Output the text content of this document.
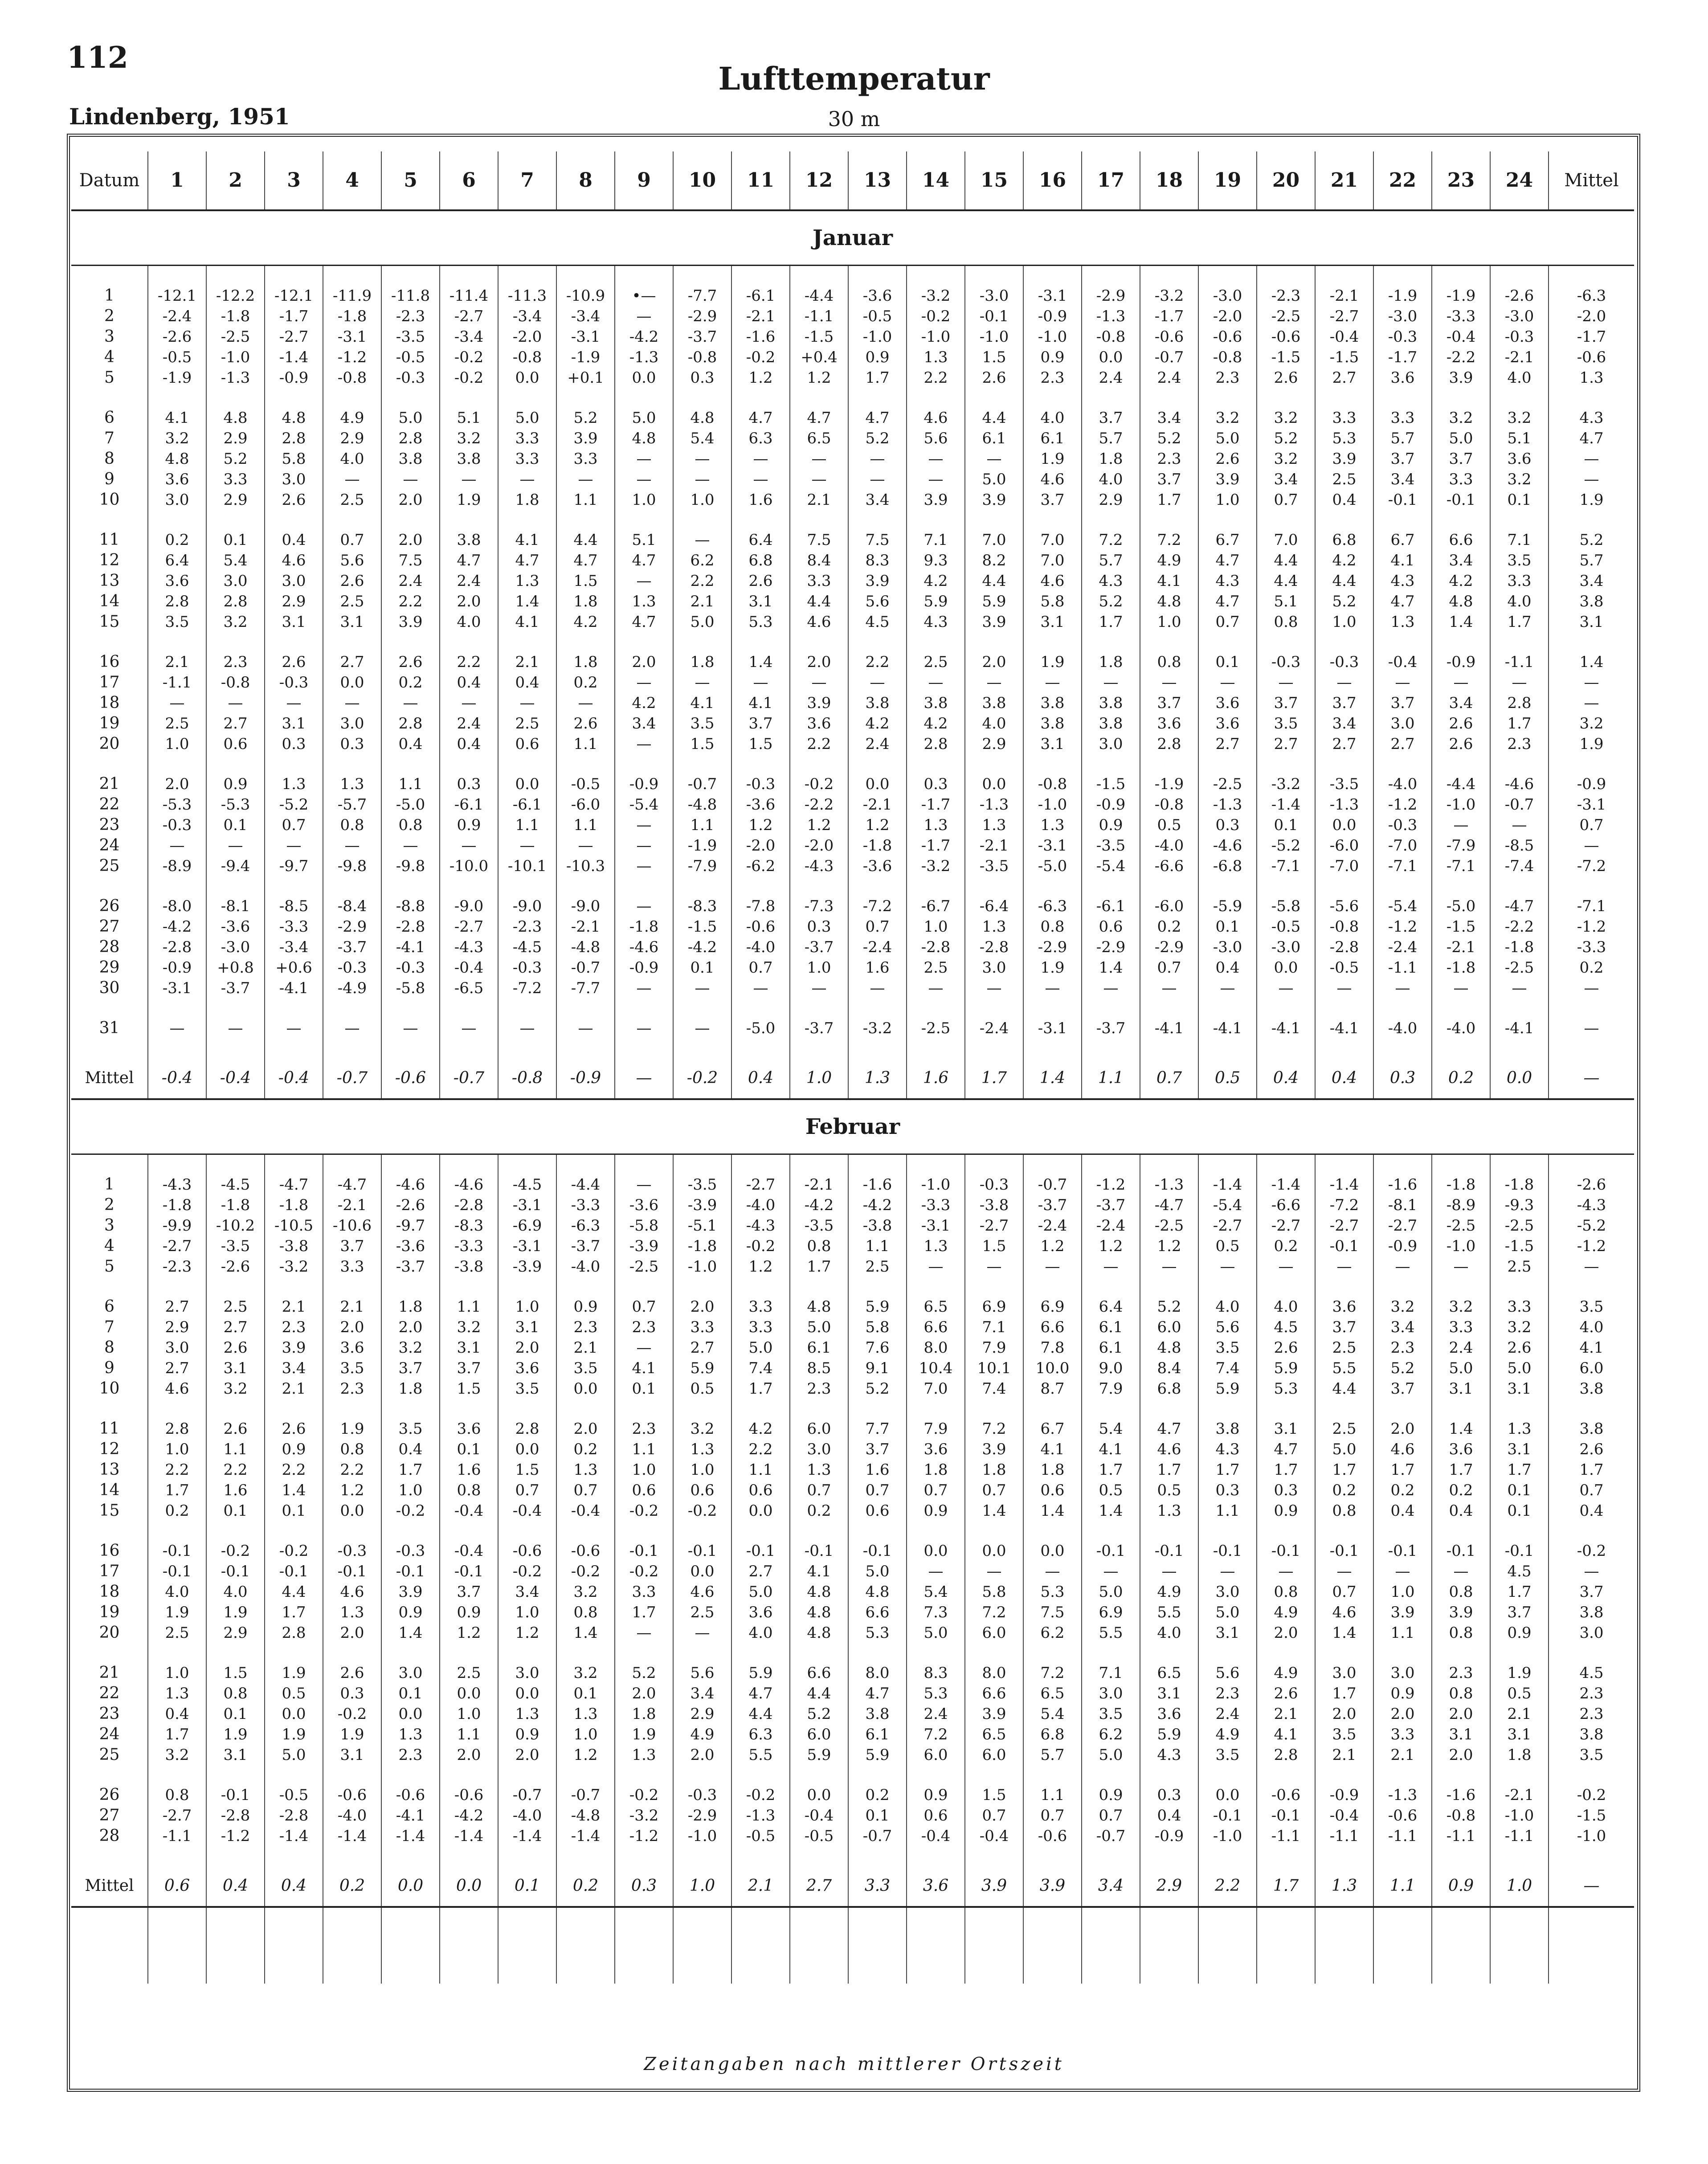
112
Lufttemperatur
Lindenberg, 1951	30 m
Datum	1	2	3	4	5	6	7	8	9	10	11	12	13	14	15	16	17	18	19	20	21	22	23	24	Mittel
Januar																									

1	-12.1	-12.2	-12.1	-11.9	-11.8	-11.4	-11.3	-10.9	•—	-7.7	-6.1	-4.4	-3.6	-3.2	-3.0	-3.1	-2.9	-3.2	-3.0	-2.3	-2.1	-1.9	-1.9	-2.6	-6.3
2	-2.4	-1.8	-1.7	-1.8	-2.3	-2.7	-3.4	-3.4	—	-2.9	-2.1	-1.1	-0.5	-0.2	-0.1	-0.9	-1.3	-1.7	-2.0	-2.5	-2.7	-3.0	-3.3	-3.0	-2.0
3	-2.6	-2.5	-2.7	-3.1	-3.5	-3.4	-2.0	-3.1	-4.2	-3.7	-1.6	-1.5	-1.0	-1.0	-1.0	-1.0	-0.8	-0.6	-0.6	-0.6	-0.4	-0.3	-0.4	-0.3	-1.7
4	-0.5	-1.0	-1.4	-1.2	-0.5	-0.2	-0.8	-1.9	-1.3	-0.8	-0.2	+0.4	0.9	1.3	1.5	0.9	0.0	-0.7	-0.8	-1.5	-1.5	-1.7	-2.2	-2.1	-0.6
5	-1.9	-1.3	-0.9	-0.8	-0.3	-0.2	0.0	+0.1	0.0	0.3	1.2	1.2	1.7	2.2	2.6	2.3	2.4	2.4	2.3	2.6	2.7	3.6	3.9	4.0	1.3

6	4.1	4.8	4.8	4.9	5.0	5.1	5.0	5.2	5.0	4.8	4.7	4.7	4.7	4.6	4.4	4.0	3.7	3.4	3.2	3.2	3.3	3.3	3.2	3.2	4.3
7	3.2	2.9	2.8	2.9	2.8	3.2	3.3	3.9	4.8	5.4	6.3	6.5	5.2	5.6	6.1	6.1	5.7	5.2	5.0	5.2	5.3	5.7	5.0	5.1	4.7
8	4.8	5.2	5.8	4.0	3.8	3.8	3.3	3.3	—	—	—	—	—	—	—	1.9	1.8	2.3	2.6	3.2	3.9	3.7	3.7	3.6	—
9	3.6	3.3	3.0	—	—	—	—	—	—	—	—	—	—	—	5.0	4.6	4.0	3.7	3.9	3.4	2.5	3.4	3.3	3.2	—
10	3.0	2.9	2.6	2.5	2.0	1.9	1.8	1.1	1.0	1.0	1.6	2.1	3.4	3.9	3.9	3.7	2.9	1.7	1.0	0.7	0.4	-0.1	-0.1	0.1	1.9

11	0.2	0.1	0.4	0.7	2.0	3.8	4.1	4.4	5.1	—	6.4	7.5	7.5	7.1	7.0	7.0	7.2	7.2	6.7	7.0	6.8	6.7	6.6	7.1	5.2
12	6.4	5.4	4.6	5.6	7.5	4.7	4.7	4.7	4.7	6.2	6.8	8.4	8.3	9.3	8.2	7.0	5.7	4.9	4.7	4.4	4.2	4.1	3.4	3.5	5.7
13	3.6	3.0	3.0	2.6	2.4	2.4	1.3	1.5	—	2.2	2.6	3.3	3.9	4.2	4.4	4.6	4.3	4.1	4.3	4.4	4.4	4.3	4.2	3.3	3.4
14	2.8	2.8	2.9	2.5	2.2	2.0	1.4	1.8	1.3	2.1	3.1	4.4	5.6	5.9	5.9	5.8	5.2	4.8	4.7	5.1	5.2	4.7	4.8	4.0	3.8
15	3.5	3.2	3.1	3.1	3.9	4.0	4.1	4.2	4.7	5.0	5.3	4.6	4.5	4.3	3.9	3.1	1.7	1.0	0.7	0.8	1.0	1.3	1.4	1.7	3.1

16	2.1	2.3	2.6	2.7	2.6	2.2	2.1	1.8	2.0	1.8	1.4	2.0	2.2	2.5	2.0	1.9	1.8	0.8	0.1	-0.3	-0.3	-0.4	-0.9	-1.1	1.4
17	-1.1	-0.8	-0.3	0.0	0.2	0.4	0.4	0.2	—	—	—	—	—	—	—	—	—	—	—	—	—	—	—	—	—
18	—	—	—	—	—	—	—	—	4.2	4.1	4.1	3.9	3.8	3.8	3.8	3.8	3.8	3.7	3.6	3.7	3.7	3.7	3.4	2.8	—
19	2.5	2.7	3.1	3.0	2.8	2.4	2.5	2.6	3.4	3.5	3.7	3.6	4.2	4.2	4.0	3.8	3.8	3.6	3.6	3.5	3.4	3.0	2.6	1.7	3.2
20	1.0	0.6	0.3	0.3	0.4	0.4	0.6	1.1	—	1.5	1.5	2.2	2.4	2.8	2.9	3.1	3.0	2.8	2.7	2.7	2.7	2.7	2.6	2.3	1.9

21	2.0	0.9	1.3	1.3	1.1	0.3	0.0	-0.5	-0.9	-0.7	-0.3	-0.2	0.0	0.3	0.0	-0.8	-1.5	-1.9	-2.5	-3.2	-3.5	-4.0	-4.4	-4.6	-0.9
22	-5.3	-5.3	-5.2	-5.7	-5.0	-6.1	-6.1	-6.0	-5.4	-4.8	-3.6	-2.2	-2.1	-1.7	-1.3	-1.0	-0.9	-0.8	-1.3	-1.4	-1.3	-1.2	-1.0	-0.7	-3.1
23	-0.3	0.1	0.7	0.8	0.8	0.9	1.1	1.1	—	1.1	1.2	1.2	1.2	1.3	1.3	1.3	0.9	0.5	0.3	0.1	0.0	-0.3	—	—	0.7
24	—	—	—	—	—	—	—	—	—	-1.9	-2.0	-2.0	-1.8	-1.7	-2.1	-3.1	-3.5	-4.0	-4.6	-5.2	-6.0	-7.0	-7.9	-8.5	—
25	-8.9	-9.4	-9.7	-9.8	-9.8	-10.0	-10.1	-10.3	—	-7.9	-6.2	-4.3	-3.6	-3.2	-3.5	-5.0	-5.4	-6.6	-6.8	-7.1	-7.0	-7.1	-7.1	-7.4	-7.2

26	-8.0	-8.1	-8.5	-8.4	-8.8	-9.0	-9.0	-9.0	—	-8.3	-7.8	-7.3	-7.2	-6.7	-6.4	-6.3	-6.1	-6.0	-5.9	-5.8	-5.6	-5.4	-5.0	-4.7	-7.1
27	-4.2	-3.6	-3.3	-2.9	-2.8	-2.7	-2.3	-2.1	-1.8	-1.5	-0.6	0.3	0.7	1.0	1.3	0.8	0.6	0.2	0.1	-0.5	-0.8	-1.2	-1.5	-2.2	-1.2
28	-2.8	-3.0	-3.4	-3.7	-4.1	-4.3	-4.5	-4.8	-4.6	-4.2	-4.0	-3.7	-2.4	-2.8	-2.8	-2.9	-2.9	-2.9	-3.0	-3.0	-2.8	-2.4	-2.1	-1.8	-3.3
29	-0.9	+0.8	+0.6	-0.3	-0.3	-0.4	-0.3	-0.7	-0.9	0.1	0.7	1.0	1.6	2.5	3.0	1.9	1.4	0.7	0.4	0.0	-0.5	-1.1	-1.8	-2.5	0.2
30	-3.1	-3.7	-4.1	-4.9	-5.8	-6.5	-7.2	-7.7	—	—	—	—	—	—	—	—	—	—	—	—	—	—	—	—	—

31	—	—	—	—	—	—	—	—	—	—	-5.0	-3.7	-3.2	-2.5	-2.4	-3.1	-3.7	-4.1	-4.1	-4.1	-4.1	-4.0	-4.0	-4.1	—

Mittel	-0.4	-0.4	-0.4	-0.7	-0.6	-0.7	-0.8	-0.9	—	-0.2	0.4	1.0	1.3	1.6	1.7	1.4	1.1	0.7	0.5	0.4	0.4	0.3	0.2	0.0	—
Februar																									

1	-4.3	-4.5	-4.7	-4.7	-4.6	-4.6	-4.5	-4.4	—	-3.5	-2.7	-2.1	-1.6	-1.0	-0.3	-0.7	-1.2	-1.3	-1.4	-1.4	-1.4	-1.6	-1.8	-1.8	-2.6
2	-1.8	-1.8	-1.8	-2.1	-2.6	-2.8	-3.1	-3.3	-3.6	-3.9	-4.0	-4.2	-4.2	-3.3	-3.8	-3.7	-3.7	-4.7	-5.4	-6.6	-7.2	-8.1	-8.9	-9.3	-4.3
3	-9.9	-10.2	-10.5	-10.6	-9.7	-8.3	-6.9	-6.3	-5.8	-5.1	-4.3	-3.5	-3.8	-3.1	-2.7	-2.4	-2.4	-2.5	-2.7	-2.7	-2.7	-2.7	-2.5	-2.5	-5.2
4	-2.7	-3.5	-3.8	3.7	-3.6	-3.3	-3.1	-3.7	-3.9	-1.8	-0.2	0.8	1.1	1.3	1.5	1.2	1.2	1.2	0.5	0.2	-0.1	-0.9	-1.0	-1.5	-1.2
5	-2.3	-2.6	-3.2	3.3	-3.7	-3.8	-3.9	-4.0	-2.5	-1.0	1.2	1.7	2.5	—	—	—	—	—	—	—	—	—	—	2.5	—

6	2.7	2.5	2.1	2.1	1.8	1.1	1.0	0.9	0.7	2.0	3.3	4.8	5.9	6.5	6.9	6.9	6.4	5.2	4.0	4.0	3.6	3.2	3.2	3.3	3.5
7	2.9	2.7	2.3	2.0	2.0	3.2	3.1	2.3	2.3	3.3	3.3	5.0	5.8	6.6	7.1	6.6	6.1	6.0	5.6	4.5	3.7	3.4	3.3	3.2	4.0
8	3.0	2.6	3.9	3.6	3.2	3.1	2.0	2.1	—	2.7	5.0	6.1	7.6	8.0	7.9	7.8	6.1	4.8	3.5	2.6	2.5	2.3	2.4	2.6	4.1
9	2.7	3.1	3.4	3.5	3.7	3.7	3.6	3.5	4.1	5.9	7.4	8.5	9.1	10.4	10.1	10.0	9.0	8.4	7.4	5.9	5.5	5.2	5.0	5.0	6.0
10	4.6	3.2	2.1	2.3	1.8	1.5	3.5	0.0	0.1	0.5	1.7	2.3	5.2	7.0	7.4	8.7	7.9	6.8	5.9	5.3	4.4	3.7	3.1	3.1	3.8

11	2.8	2.6	2.6	1.9	3.5	3.6	2.8	2.0	2.3	3.2	4.2	6.0	7.7	7.9	7.2	6.7	5.4	4.7	3.8	3.1	2.5	2.0	1.4	1.3	3.8
12	1.0	1.1	0.9	0.8	0.4	0.1	0.0	0.2	1.1	1.3	2.2	3.0	3.7	3.6	3.9	4.1	4.1	4.6	4.3	4.7	5.0	4.6	3.6	3.1	2.6
13	2.2	2.2	2.2	2.2	1.7	1.6	1.5	1.3	1.0	1.0	1.1	1.3	1.6	1.8	1.8	1.8	1.7	1.7	1.7	1.7	1.7	1.7	1.7	1.7	1.7
14	1.7	1.6	1.4	1.2	1.0	0.8	0.7	0.7	0.6	0.6	0.6	0.7	0.7	0.7	0.7	0.6	0.5	0.5	0.3	0.3	0.2	0.2	0.2	0.1	0.7
15	0.2	0.1	0.1	0.0	-0.2	-0.4	-0.4	-0.4	-0.2	-0.2	0.0	0.2	0.6	0.9	1.4	1.4	1.4	1.3	1.1	0.9	0.8	0.4	0.4	0.1	0.4

16	-0.1	-0.2	-0.2	-0.3	-0.3	-0.4	-0.6	-0.6	-0.1	-0.1	-0.1	-0.1	-0.1	0.0	0.0	0.0	-0.1	-0.1	-0.1	-0.1	-0.1	-0.1	-0.1	-0.1	-0.2
17	-0.1	-0.1	-0.1	-0.1	-0.1	-0.1	-0.2	-0.2	-0.2	0.0	2.7	4.1	5.0	—	—	—	—	—	—	—	—	—	—	4.5	—
18	4.0	4.0	4.4	4.6	3.9	3.7	3.4	3.2	3.3	4.6	5.0	4.8	4.8	5.4	5.8	5.3	5.0	4.9	3.0	0.8	0.7	1.0	0.8	1.7	3.7
19	1.9	1.9	1.7	1.3	0.9	0.9	1.0	0.8	1.7	2.5	3.6	4.8	6.6	7.3	7.2	7.5	6.9	5.5	5.0	4.9	4.6	3.9	3.9	3.7	3.8
20	2.5	2.9	2.8	2.0	1.4	1.2	1.2	1.4	—	—	4.0	4.8	5.3	5.0	6.0	6.2	5.5	4.0	3.1	2.0	1.4	1.1	0.8	0.9	3.0

21	1.0	1.5	1.9	2.6	3.0	2.5	3.0	3.2	5.2	5.6	5.9	6.6	8.0	8.3	8.0	7.2	7.1	6.5	5.6	4.9	3.0	3.0	2.3	1.9	4.5
22	1.3	0.8	0.5	0.3	0.1	0.0	0.0	0.1	2.0	3.4	4.7	4.4	4.7	5.3	6.6	6.5	3.0	3.1	2.3	2.6	1.7	0.9	0.8	0.5	2.3
23	0.4	0.1	0.0	-0.2	0.0	1.0	1.3	1.3	1.8	2.9	4.4	5.2	3.8	2.4	3.9	5.4	3.5	3.6	2.4	2.1	2.0	2.0	2.0	2.1	2.3
24	1.7	1.9	1.9	1.9	1.3	1.1	0.9	1.0	1.9	4.9	6.3	6.0	6.1	7.2	6.5	6.8	6.2	5.9	4.9	4.1	3.5	3.3	3.1	3.1	3.8
25	3.2	3.1	5.0	3.1	2.3	2.0	2.0	1.2	1.3	2.0	5.5	5.9	5.9	6.0	6.0	5.7	5.0	4.3	3.5	2.8	2.1	2.1	2.0	1.8	3.5

26	0.8	-0.1	-0.5	-0.6	-0.6	-0.6	-0.7	-0.7	-0.2	-0.3	-0.2	0.0	0.2	0.9	1.5	1.1	0.9	0.3	0.0	-0.6	-0.9	-1.3	-1.6	-2.1	-0.2
27	-2.7	-2.8	-2.8	-4.0	-4.1	-4.2	-4.0	-4.8	-3.2	-2.9	-1.3	-0.4	0.1	0.6	0.7	0.7	0.7	0.4	-0.1	-0.1	-0.4	-0.6	-0.8	-1.0	-1.5
28	-1.1	-1.2	-1.4	-1.4	-1.4	-1.4	-1.4	-1.4	-1.2	-1.0	-0.5	-0.5	-0.7	-0.4	-0.4	-0.6	-0.7	-0.9	-1.0	-1.1	-1.1	-1.1	-1.1	-1.1	-1.0

Mittel	0.6	0.4	0.4	0.2	0.0	0.0	0.1	0.2	0.3	1.0	2.1	2.7	3.3	3.6	3.9	3.9	3.4	2.9	2.2	1.7	1.3	1.1	0.9	1.0	—

Zeitangaben nach mittlerer Ortszeit
